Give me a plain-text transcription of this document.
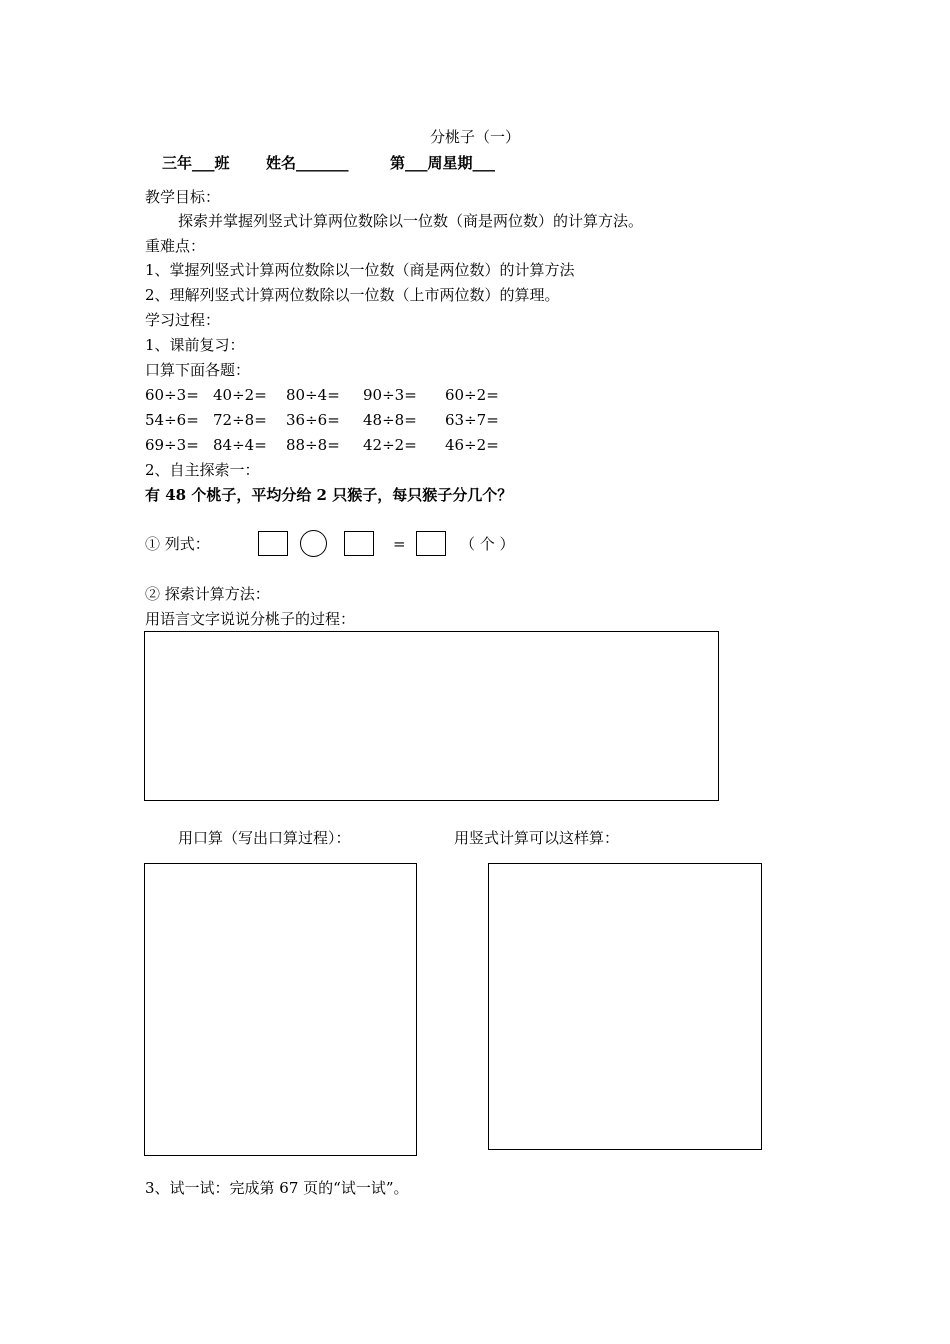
分桃子（一）
三年___班 姓名_______	第___周星期___
教学目标：
探索并掌握列竖式计算两位数除以一位数（商是两位数）的计算方法。
重难点：
1、掌握列竖式计算两位数除以一位数（商是两位数）的计算方法
2、理解列竖式计算两位数除以一位数（上市两位数）的算理。
学习过程：
1、课前复习：
口算下面各题：
60÷3= 40÷2= 80÷4= 90÷3= 60÷2=
54÷6= 72÷8= 36÷6= 48÷8= 63÷7=
69÷3= 84÷4= 88÷8= 42÷2= 46÷2=
2、自主探索一：
有 48 个桃子，平均分给 2 只猴子，每只猴子分几个？
① 列式：	=	（ 个 ）
② 探索计算方法：
用语言文字说说分桃子的过程：
用口算（写出口算过程）：	用竖式计算可以这样算：
3、试一试：完成第 67 页的“试一试”。
